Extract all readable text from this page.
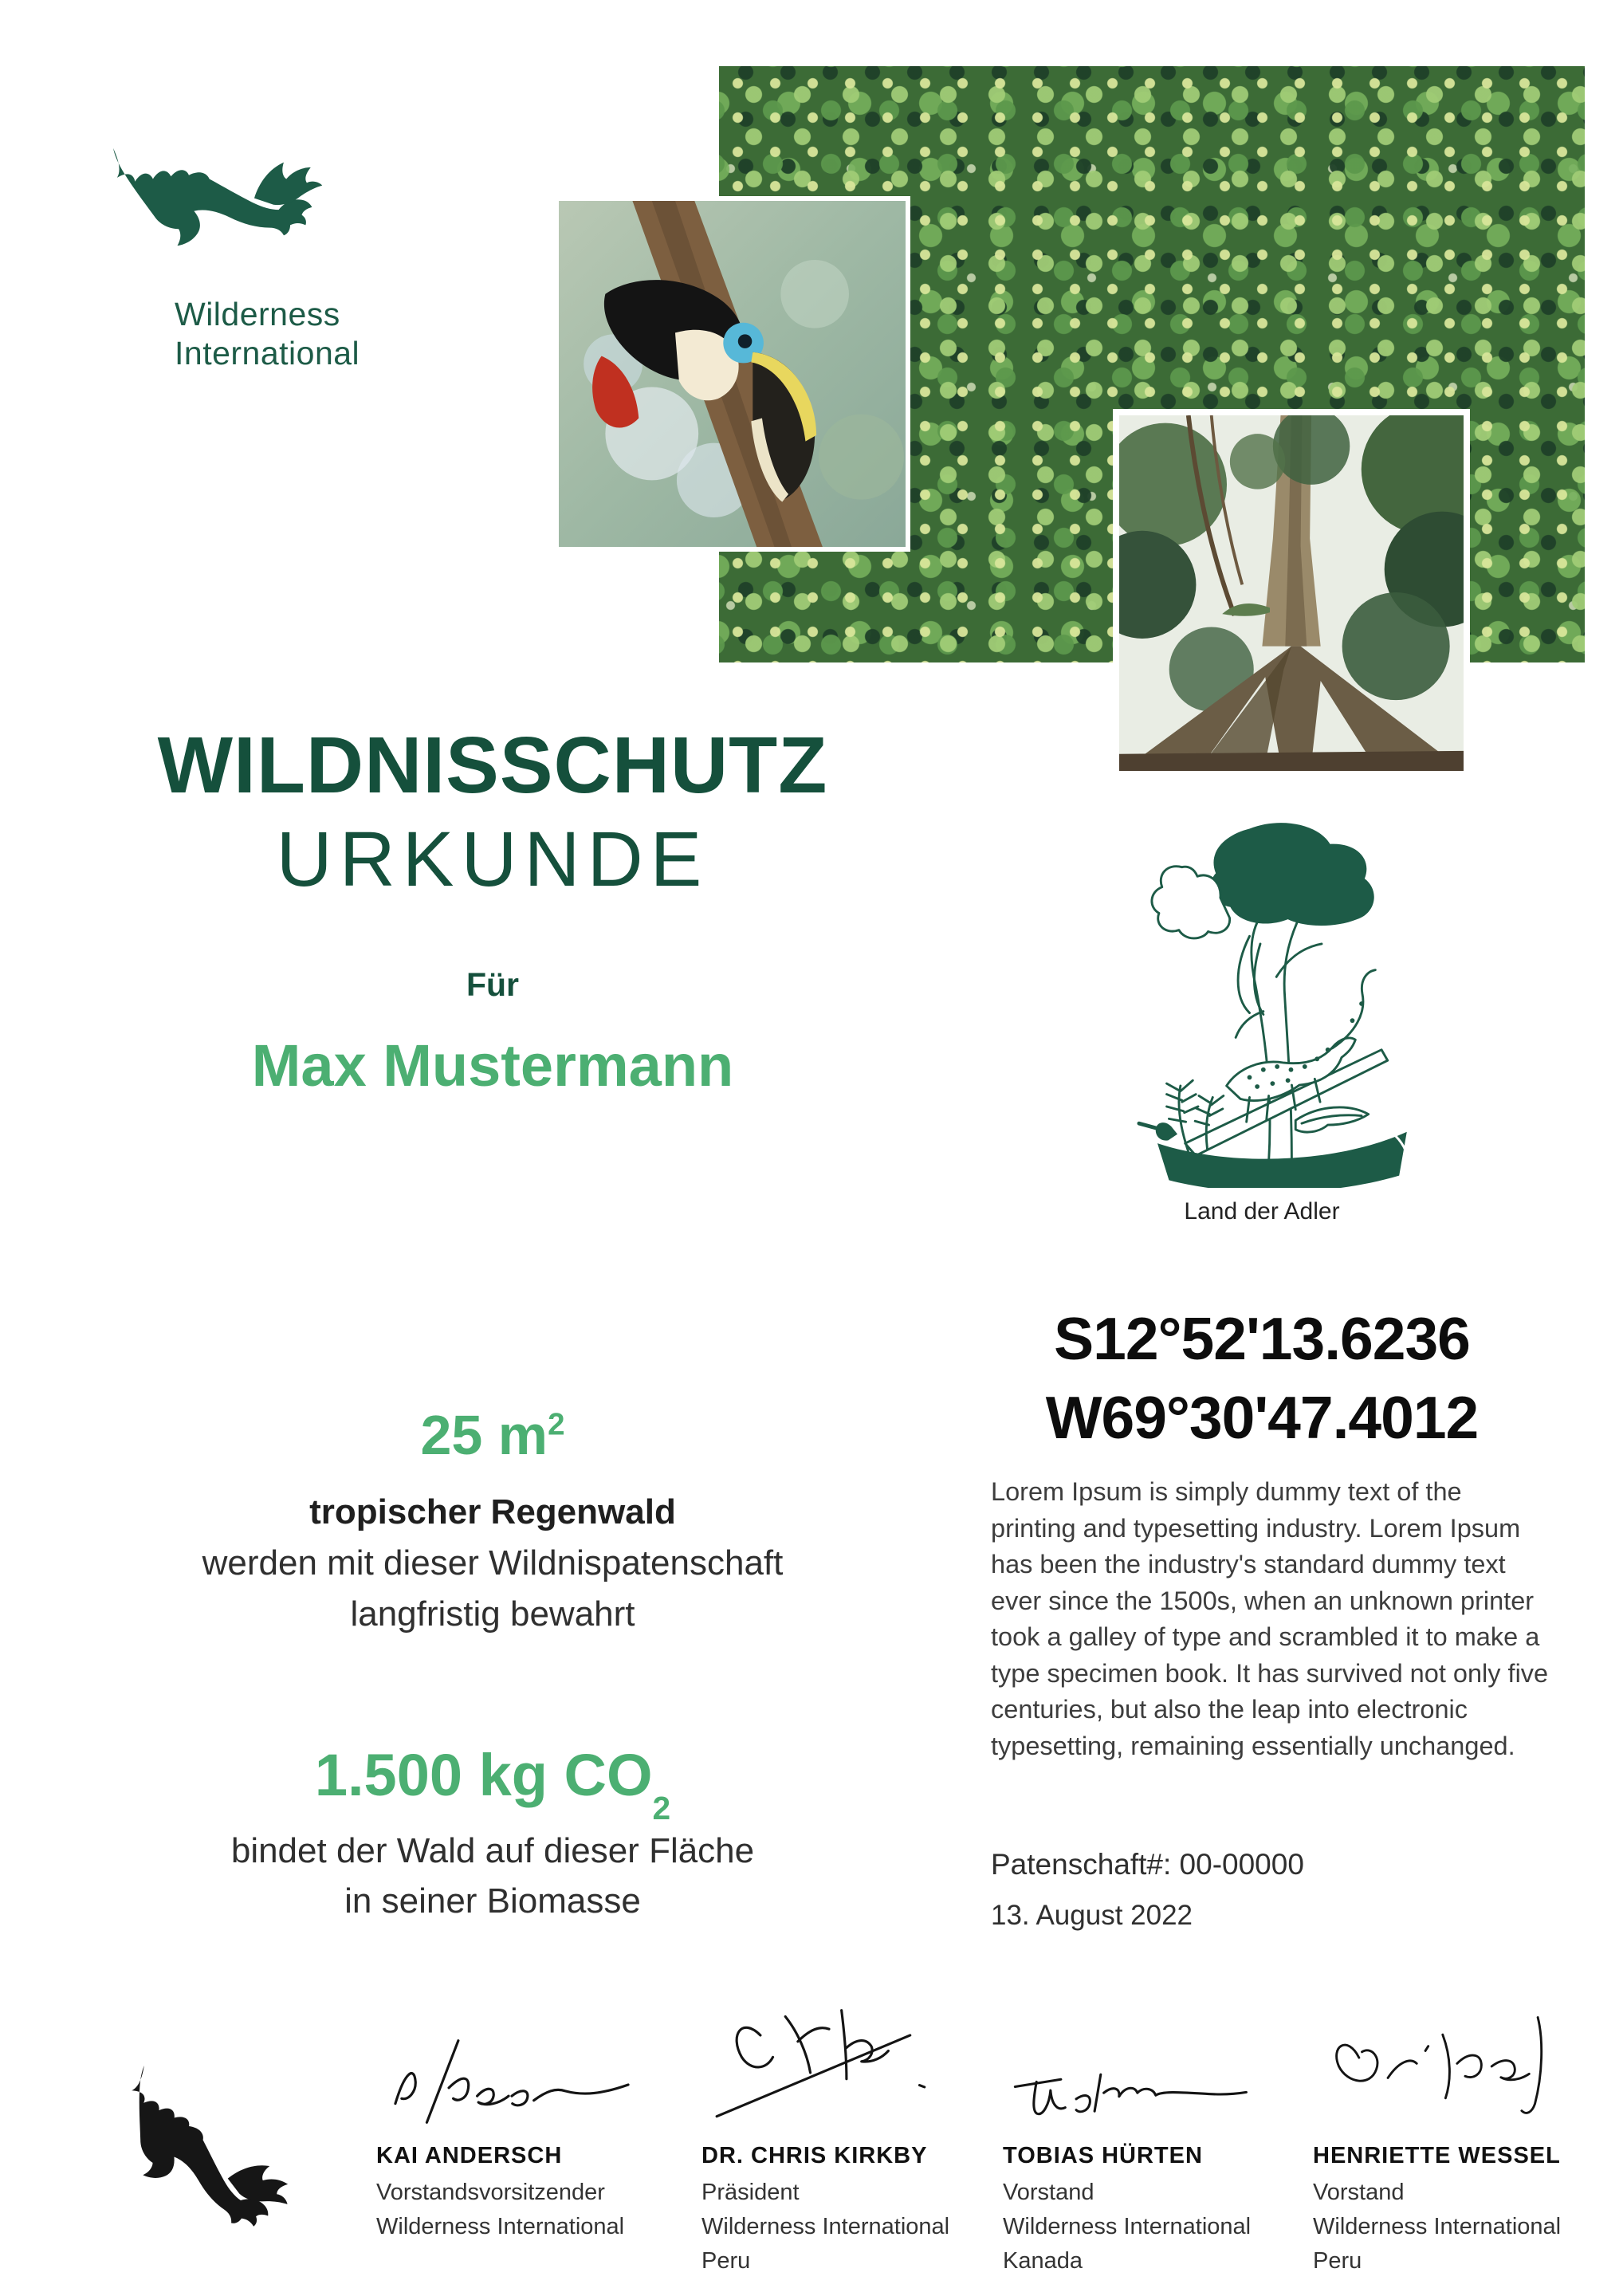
Wilderness
International
WILDNISSCHUTZ
URKUNDE
Für
Max Mustermann
25 $m^2$
tropischer Regenwald
werden mit dieser Wildnispatenschaft
langfristig bewahrt
1.500 kg $CO_2$
bindet der Wald auf dieser Fläche
in seiner Biomasse
Land der Adler
S12°52'13.6236
W69°30'47.4012
Lorem Ipsum is simply dummy text of the printing and typesetting industry. Lorem Ipsum has been the industry's standard dummy text ever since the 1500s, when an unknown printer took a galley of type and scrambled it to make a type specimen book. It has survived not only five centuries, but also the leap into electronic typesetting, remaining essentially unchanged.
Patenschaft#: 00-00000
13. August 2022
KAI ANDERSCH
Vorstandsvorsitzender
Wilderness International
DR. CHRIS KIRKBY
Präsident
Wilderness International
Peru
TOBIAS HÜRTEN
Vorstand
Wilderness International
Kanada
HENRIETTE WESSEL
Vorstand
Wilderness International
Peru
